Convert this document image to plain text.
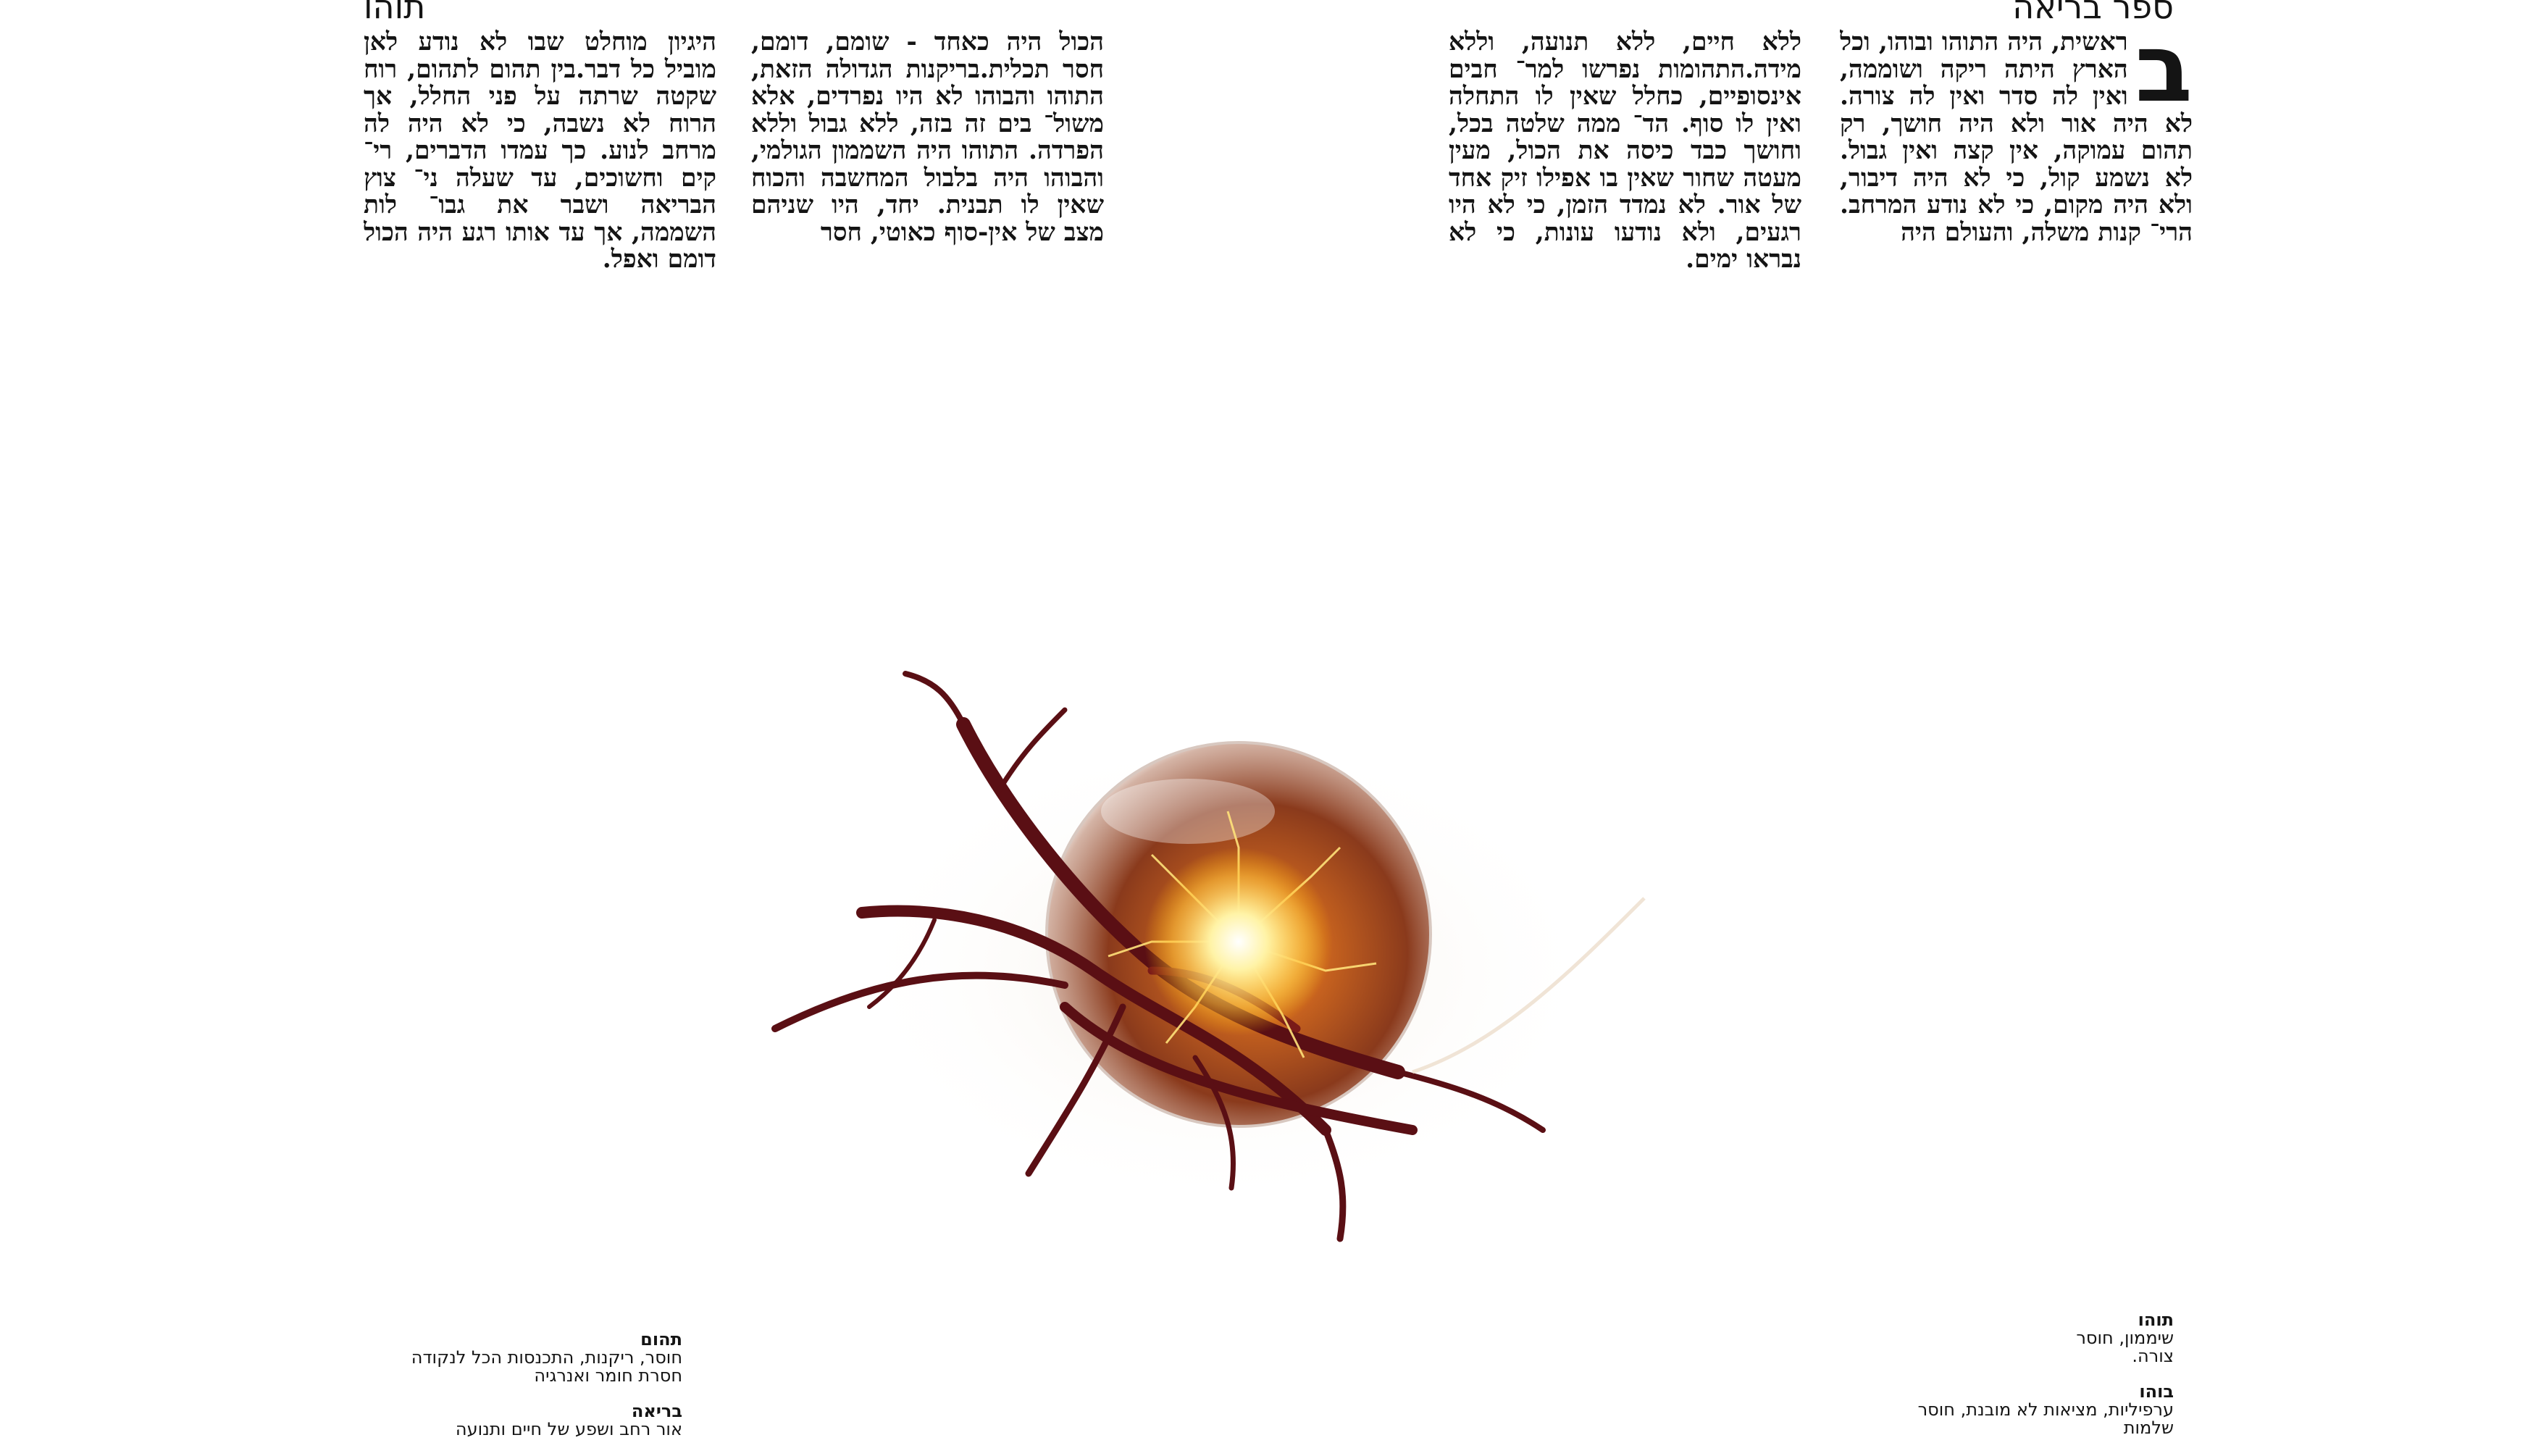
ספר בריאה
תוהו
ב
ראשית, היה התוהו ובוהו, וכל הארץ היתה ריקה ושוממה, ואין לה סדר ואין לה צורה. לא היה אור ולא היה חושך, רק תהום עמוקה, אין קצה ואין גבול. לא נשמע קול, כי לא היה דיבור, ולא היה מקום, כי לא נודע המרחב. הרי־ קנות משלה, והעולם היה
ללא חיים, ללא תנועה, וללא מידה.התהומות נפרשו למר־ חבים אינסופיים, כחלל שאין לו התחלה ואין לו סוף. הד־ ממה שלטה בכל, וחושך כבד כיסה את הכול, מעין מעטה שחור שאין בו אפילו זיק אחד של אור. לא נמדד הזמן, כי לא היו רגעים, ולא נודעו עונות, כי לא נבראו ימים.
הכול היה כאחד - שומם, דומם, חסר תכלית.בריקנות הגדולה הזאת, התוהו והבוהו לא היו נפרדים, אלא משול־ בים זה בזה, ללא גבול וללא הפרדה. התוהו היה השממון הגולמי, והבוהו היה בלבול המחשבה והכוח שאין לו תבנית. יחד, היו שניהם מצב של אין-סוף כאוטי, חסר
היגיון מוחלט שבו לא נודע לאן מוביל כל דבר.בין תהום לתהום, רוח שקטה שרתה על פני החלל, אך הרוח לא נשבה, כי לא היה לה מרחב לנוע. כך עמדו הדברים, רי־ קים וחשוכים, עד שעלה ני־ צוץ הבריאה ושבר את גבו־ לות השממה, אך עד אותו רגע היה הכול דומם ואפל.
תוהו
שיממון, חוסר
צורה.
בוהו
ערפיליות, מציאות לא מובנת, חוסר
שלמות
תהום
חוסר, ריקנות, התכנסות הכל לנקודה
חסרת חומר ואנרגיה
בריאה
אור רחב ושפע של חיים ותנועה
